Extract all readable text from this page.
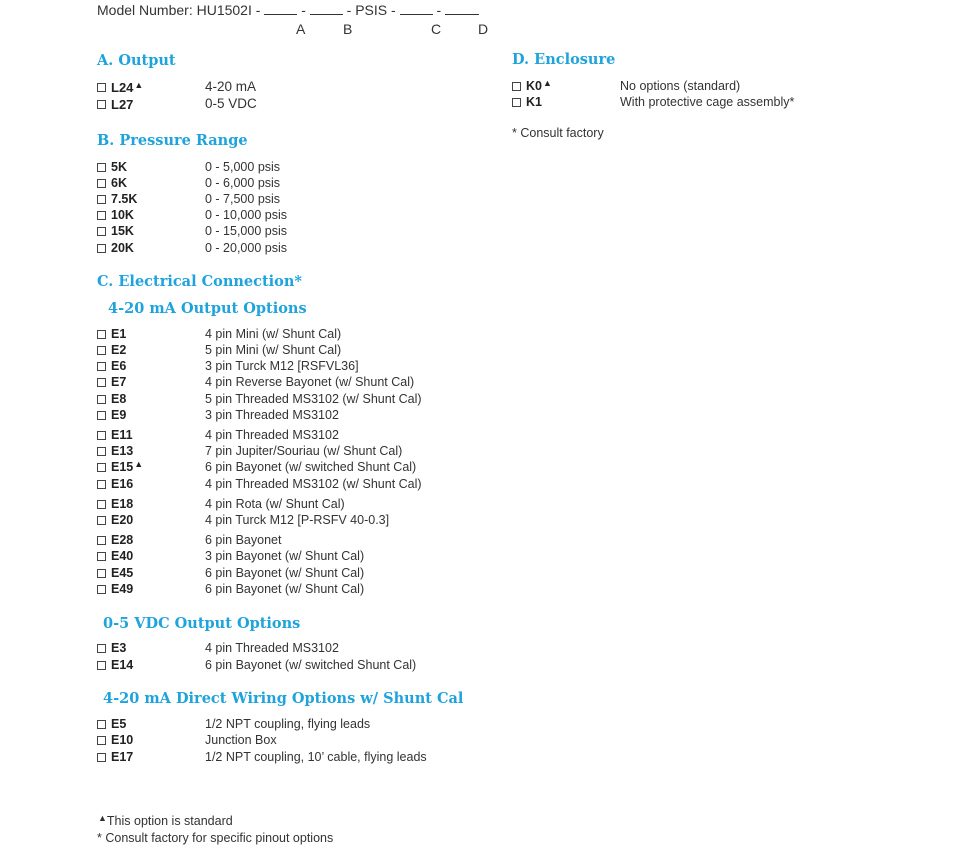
Model Number: HU1502I -	-	- PSIS -	-
A	B	C	D
A. Output
B. Pressure Range
C. Electrical Connection*
4-20 mA Output Options
0-5 VDC Output Options
4-20 mA Direct Wiring Options w/ Shunt Cal
D. Enclosure
L24▲	4-20 mA
L27	0-5 VDC
5K	0 - 5,000 psis
6K	0 - 6,000 psis
7.5K	0 - 7,500 psis
10K	0 - 10,000 psis
15K	0 - 15,000 psis
20K	0 - 20,000 psis
E1	4 pin Mini (w/ Shunt Cal)
E2	5 pin Mini (w/ Shunt Cal)
E6	3 pin Turck M12 [RSFVL36]
E7	4 pin Reverse Bayonet (w/ Shunt Cal)
E8	5 pin Threaded MS3102 (w/ Shunt Cal)
E9	3 pin Threaded MS3102
E11	4 pin Threaded MS3102
E13	7 pin Jupiter/Souriau (w/ Shunt Cal)
E15▲	6 pin Bayonet (w/ switched Shunt Cal)
E16	4 pin Threaded MS3102 (w/ Shunt Cal)
E18	4 pin Rota (w/ Shunt Cal)
E20	4 pin Turck M12 [P-RSFV 40-0.3]
E28	6 pin Bayonet
E40	3 pin Bayonet (w/ Shunt Cal)
E45	6 pin Bayonet (w/ Shunt Cal)
E49	6 pin Bayonet (w/ Shunt Cal)
E3	4 pin Threaded MS3102
E14	6 pin Bayonet (w/ switched Shunt Cal)
E5	1/2 NPT coupling, flying leads
E10	Junction Box
E17	1/2 NPT coupling, 10’ cable, flying leads
K0▲	No options (standard)
K1	With protective cage assembly*
* Consult factory
▲This option is standard
* Consult factory for specific pinout options
